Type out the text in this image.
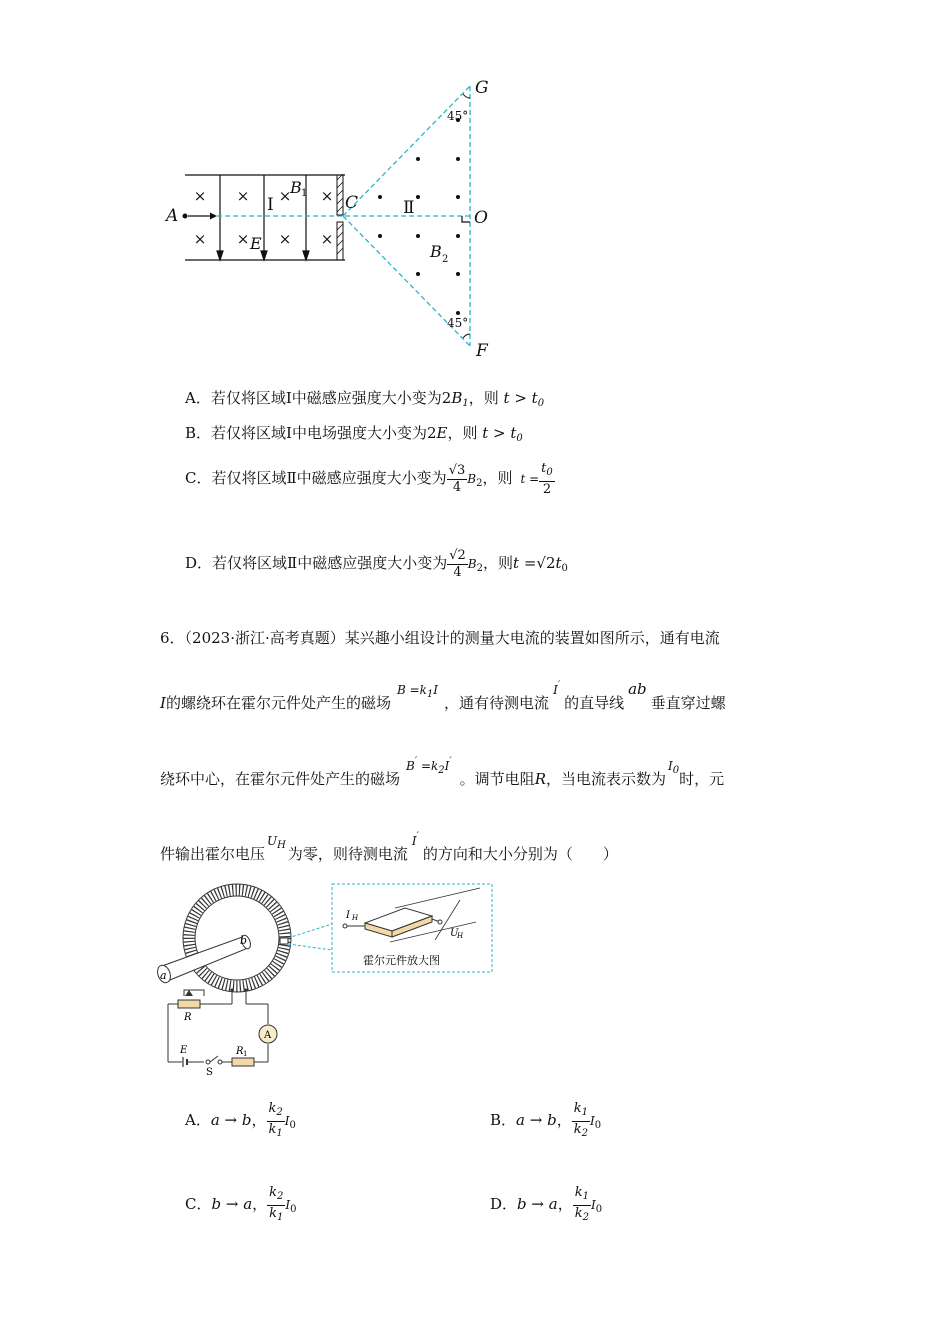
× × × ×
× × × ×
A
C
G
O
F
E
B
B
1
2
Ⅰ	Ⅱ
45°
45°
A．若仅将区域Ⅰ中磁感应强度大小变为$2B_1$，则 $t > t_0$
B．若仅将区域Ⅰ中电场强度大小变为2E，则 $t > t_0$
C．若仅将区域Ⅱ中磁感应强度大小变为 $\frac{√3}{4} B_2$，则 $t = \frac{t_0}{2}$
D．若仅将区域Ⅱ中磁感应强度大小变为 $\frac{√2}{4} B_2$，则$t =√2t_0$
6．（2023·浙江·高考真题）某兴趣小组设计的测量大电流的装置如图所示，通有电流
I的螺绕环在霍尔元件处产生的磁场$B =k_1I$，通有待测电流I′的直导线ab垂直穿过螺
绕环中心，在霍尔元件处产生的磁场$B' =k_2I'$。调节电阻R，当电流表示数为$I_0$时，元
件输出霍尔电压$U_H$ 为零，则待测电流I′的方向和大小分别为（　　）
a
b
I H
U
H
霍尔元件放大图
R
A
E
S
R 1
A．a → b， $\frac{k_2}{k_1} I_0$	B．a → b， $\frac{k_1}{k_2} I_0$
C．b → a， $\frac{k_2}{k_1} I_0$	D．b → a， $\frac{k_1}{k_2} I_0$
